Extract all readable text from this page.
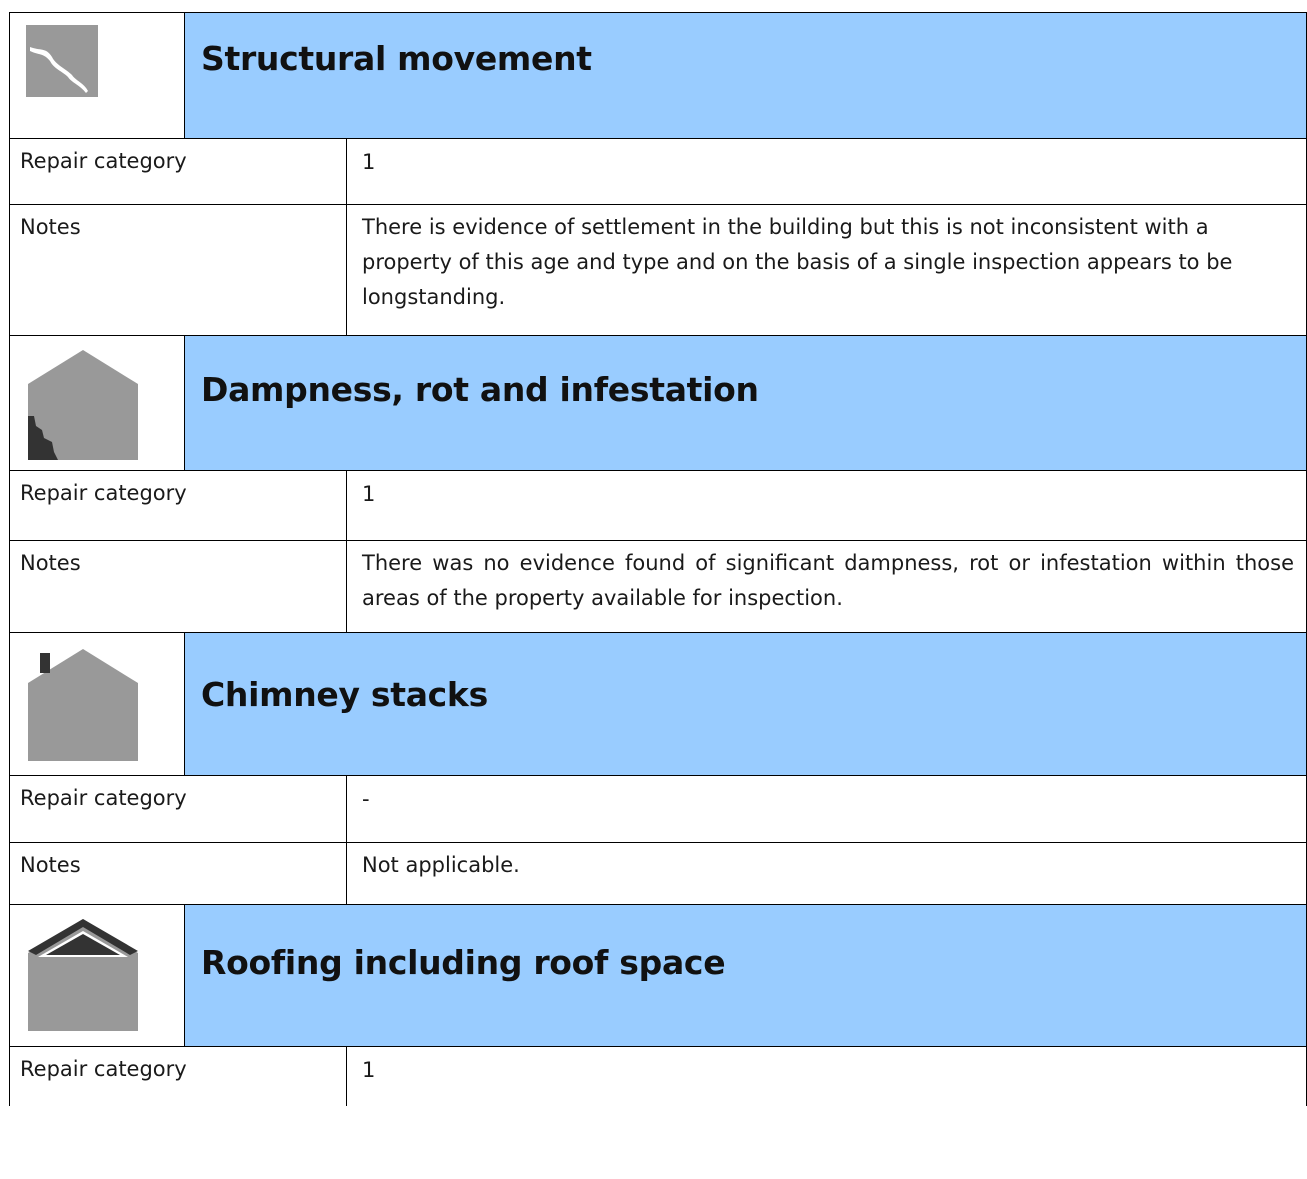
Structural movement
Repair category	1
Notes	There is evidence of settlement in the building but this is not inconsistent with a property of this age and type and on the basis of a single inspection appears to be longstanding.
Dampness, rot and infestation
Repair category	1
Notes	There was no evidence found of significant dampness, rot or infestation within those areas of the property available for inspection.
Chimney stacks
Repair category	-
Notes	Not applicable.
Roofing including roof space
Repair category	1
